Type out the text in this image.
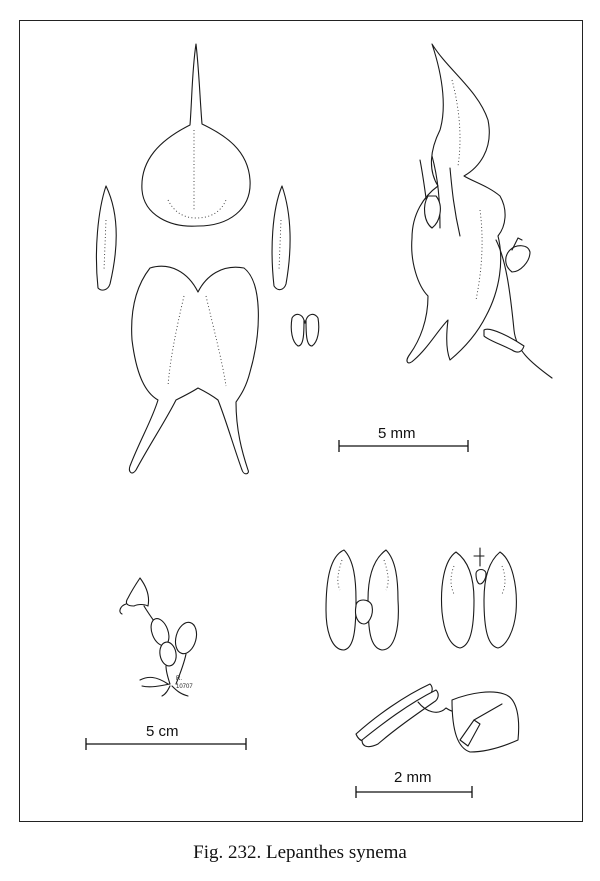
R.
10707
5 mm
5 cm
2 mm
Fig. 232. Lepanthes synema
